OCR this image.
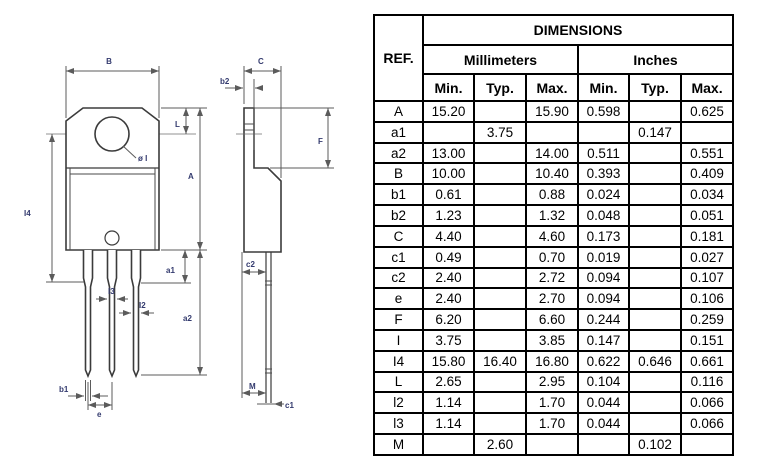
B
L
A
a1
a2
I4
l3
l2
b1
e
ø I
C
b2
F
c2
M
c1
REF.	DIMENSIONS					
	Millimeters			Inches		
	Min.	Typ.	Max.	Min.	Typ.	Max.
A	15.20		15.90	0.598		0.625
a1		3.75			0.147	
a2	13.00		14.00	0.511		0.551
B	10.00		10.40	0.393		0.409
b1	0.61		0.88	0.024		0.034
b2	1.23		1.32	0.048		0.051
C	4.40		4.60	0.173		0.181
c1	0.49		0.70	0.019		0.027
c2	2.40		2.72	0.094		0.107
e	2.40		2.70	0.094		0.106
F	6.20		6.60	0.244		0.259
I	3.75		3.85	0.147		0.151
I4	15.80	16.40	16.80	0.622	0.646	0.661
L	2.65		2.95	0.104		0.116
l2	1.14		1.70	0.044		0.066
l3	1.14		1.70	0.044		0.066
M		2.60			0.102	
